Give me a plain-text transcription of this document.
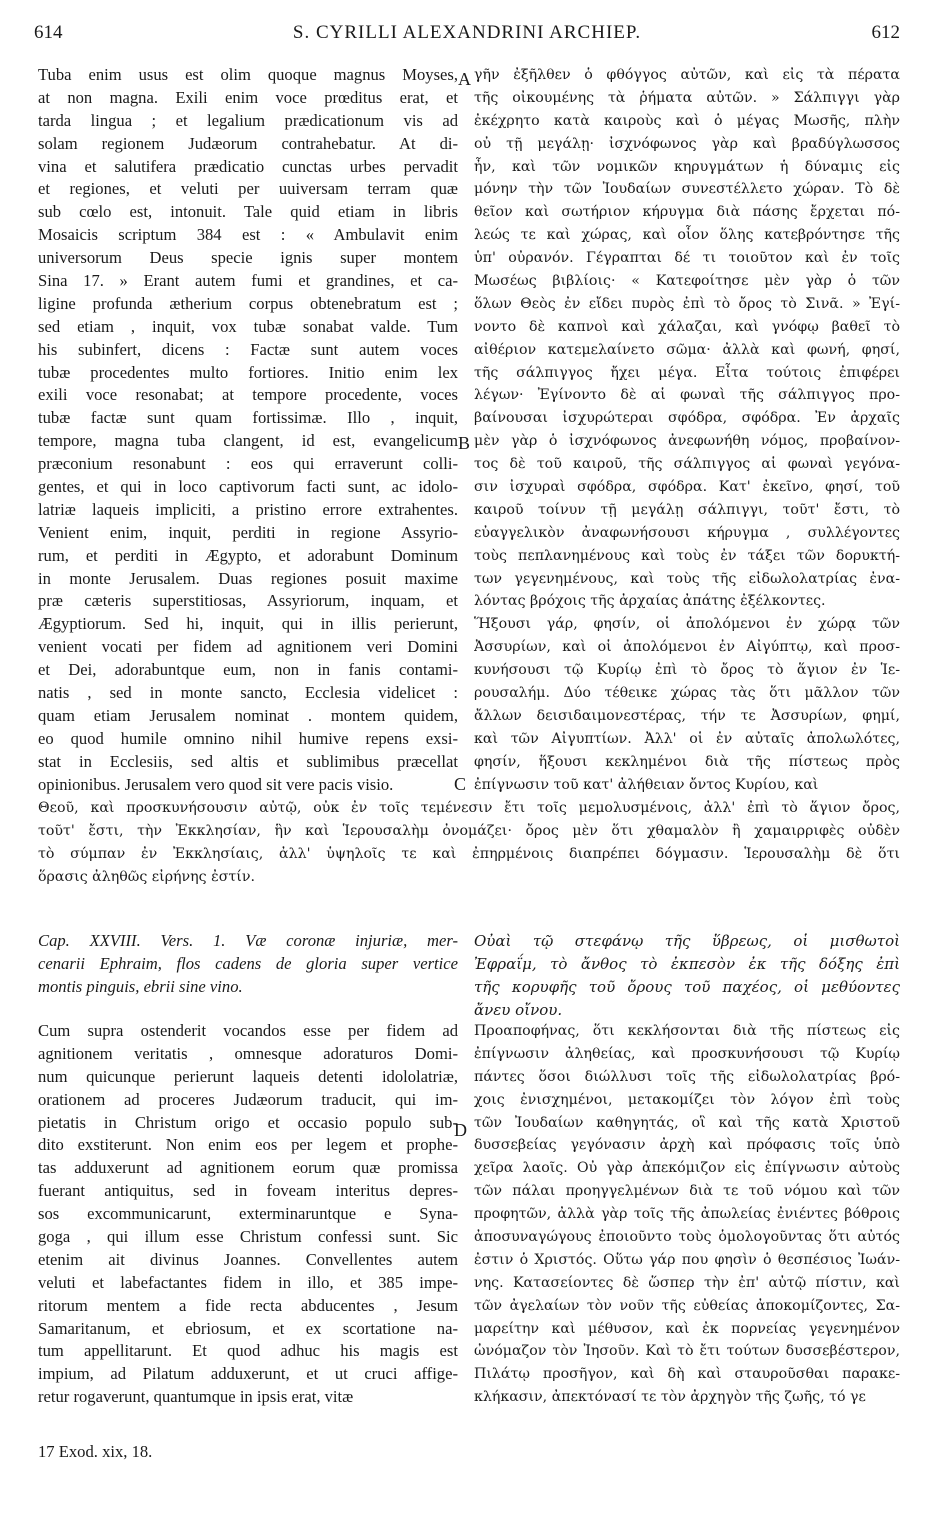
614	S. CYRILLI ALEXANDRINI ARCHIEP.	612
A
B
C
D
Tuba enim usus est olim quoque magnus Moyses,
at non magna. Exili enim voce prœditus erat, et
tarda lingua ; et legalium prædicationum vis ad
solam regionem Judæorum contrahebatur. At di-
vina et salutifera prædicatio cunctas urbes pervadit
et regiones, et veluti per uuiversam terram quæ
sub cœlo est, intonuit. Tale quid etiam in libris
Mosaicis scriptum 384 est : « Ambulavit enim
universorum Deus specie ignis super montem
Sina 17. » Erant autem fumi et grandines, et ca-
ligine profunda ætherium corpus obtenebratum est ;
sed etiam , inquit, vox tubæ sonabat valde. Tum
his subinfert, dicens : Factæ sunt autem voces
tubæ procedentes multo fortiores. Initio enim lex
exili voce resonabat; at tempore procedente, voces
tubæ factæ sunt quam fortissimæ. Illo , inquit,
tempore, magna tuba clangent, id est, evangelicum
præconium resonabunt : eos qui erraverunt colli-
gentes, et qui in loco captivorum facti sunt, ac idolo-
latriæ laqueis impliciti, a pristino errore extrahentes.
Venient enim, inquit, perditi in regione Assyrio-
rum, et perditi in Ægypto, et adorabunt Dominum
in monte Jerusalem. Duas regiones posuit maxime
præ cæteris superstitiosas, Assyriorum, inquam, et
Ægyptiorum. Sed hi, inquit, qui in illis perierunt,
venient vocati per fidem ad agnitionem veri Domini
et Dei, adorabuntque eum, non in fanis contami-
natis , sed in monte sancto, Ecclesia videlicet :
quam etiam Jerusalem nominat . montem quidem,
eo quod humile omnino nihil humive repens exsi-
stat in Ecclesiis, sed altis et sublimibus præcellat
opinionibus. Jerusalem vero quod sit vere pacis visio.
γῆν ἐξῆλθεν ὁ φθόγγος αὐτῶν, καὶ εἰς τὰ πέρατα
τῆς οἰκουμένης τὰ ῥήματα αὐτῶν. » Σάλπιγγι γὰρ
ἐκέχρητο κατὰ καιροὺς καὶ ὁ μέγας Μωσῆς, πλὴν
οὐ τῇ μεγάλῃ· ἰσχνόφωνος γὰρ καὶ βραδύγλωσσος
ἦν, καὶ τῶν νομικῶν κηρυγμάτων ἡ δύναμις εἰς
μόνην τὴν τῶν Ἰουδαίων συνεστέλλετο χώραν. Τὸ δὲ
θεῖον καὶ σωτήριον κήρυγμα διὰ πάσης ἔρχεται πό-
λεώς τε καὶ χώρας, καὶ οἷον ὅλης κατεβρόντησε τῆς
ὑπ' οὐρανόν. Γέγραπται δέ τι τοιοῦτον καὶ ἐν τοῖς
Μωσέως βιβλίοις· « Κατεφοίτησε μὲν γὰρ ὁ τῶν
ὅλων Θεὸς ἐν εἴδει πυρὸς ἐπὶ τὸ ὄρος τὸ Σινᾶ. » Ἐγί-
νοντο δὲ καπνοὶ καὶ χάλαζαι, καὶ γνόφῳ βαθεῖ τὸ
αἰθέριον κατεμελαίνετο σῶμα· ἀλλὰ καὶ φωνή, φησί,
τῆς σάλπιγγος ἤχει μέγα. Εἶτα τούτοις ἐπιφέρει
λέγων· Ἐγίνοντο δὲ αἱ φωναὶ τῆς σάλπιγγος προ-
βαίνουσαι ἰσχυρώτεραι σφόδρα, σφόδρα. Ἐν ἀρχαῖς
μὲν γὰρ ὁ ἰσχνόφωνος ἀνεφωνήθη νόμος, προβαίνον-
τος δὲ τοῦ καιροῦ, τῆς σάλπιγγος αἱ φωναὶ γεγόνα-
σιν ἰσχυραὶ σφόδρα, σφόδρα. Κατ' ἐκεῖνο, φησί, τοῦ
καιροῦ τοίνυν τῇ μεγάλῃ σάλπιγγι, τοῦτ' ἔστι, τὸ
εὐαγγελικὸν ἀναφωνήσουσι κήρυγμα , συλλέγοντες
τοὺς πεπλανημένους καὶ τοὺς ἐν τάξει τῶν δορυκτή-
των γεγενημένους, καὶ τοὺς τῆς εἰδωλολατρίας ἐνα-
λόντας βρόχοις τῆς ἀρχαίας ἀπάτης ἐξέλκοντες.
Ἥξουσι γάρ, φησίν, οἱ ἀπολόμενοι ἐν χώρᾳ τῶν
Ἀσσυρίων, καὶ οἱ ἀπολόμενοι ἐν Αἰγύπτῳ, καὶ προσ-
κυνήσουσι τῷ Κυρίῳ ἐπὶ τὸ ὄρος τὸ ἅγιον ἐν Ἱε-
ρουσαλήμ. Δύο τέθεικε χώρας τὰς ὅτι μᾶλλον τῶν
ἄλλων δεισιδαιμονεστέρας, τήν τε Ἀσσυρίων, φημί,
καὶ τῶν Αἰγυπτίων. Ἀλλ' οἱ ἐν αὐταῖς ἀπολωλότες,
φησίν, ἥξουσι κεκλημένοι διὰ τῆς πίστεως πρὸς
ἐπίγνωσιν τοῦ κατ' ἀλήθειαν ὄντος Κυρίου, καὶ
Θεοῦ, καὶ προσκυνήσουσιν αὐτῷ, οὐκ ἐν τοῖς τεμένεσιν ἔτι τοῖς μεμολυσμένοις, ἀλλ' ἐπὶ τὸ ἅγιον ὄρος,
τοῦτ' ἔστι, τὴν Ἐκκλησίαν, ἣν καὶ Ἱερουσαλὴμ ὀνομάζει· ὄρος μὲν ὅτι χθαμαλὸν ἢ χαμαιρριφὲς οὐδὲν
τὸ σύμπαν ἐν Ἐκκλησίαις, ἀλλ' ὑψηλοῖς τε καὶ ἐπηρμένοις διαπρέπει δόγμασιν. Ἱερουσαλὴμ δὲ ὅτι
ὅρασις ἀληθῶς εἰρήνης ἐστίν.
Cap. XXVIII. Vers. 1. Væ coronæ injuriæ, mer-
cenarii Ephraim, flos cadens de gloria super vertice
montis pinguis, ebrii sine vino.
Οὐαὶ τῷ στεφάνῳ τῆς ὕβρεως, οἱ μισθωτοὶ
Ἐφραΐμ, τὸ ἄνθος τὸ ἐκπεσὸν ἐκ τῆς δόξης ἐπὶ
τῆς κορυφῆς τοῦ ὄρους τοῦ παχέος, οἱ μεθύοντες
ἄνευ οἴνου.
Cum supra ostenderit vocandos esse per fidem ad
agnitionem veritatis , omnesque adoraturos Domi-
num quicunque perierunt laqueis detenti idololatriæ,
orationem ad proceres Judæorum traducit, qui im-
pietatis in Christum origo et occasio populo sub-
dito exstiterunt. Non enim eos per legem et prophe-
tas adduxerunt ad agnitionem eorum quæ promissa
fuerant antiquitus, sed in foveam interitus depres-
sos excommunicarunt, exterminaruntque e Syna-
goga , qui illum esse Christum confessi sunt. Sic
etenim ait divinus Joannes. Convellentes autem
veluti et labefactantes fidem in illo, et 385 impe-
ritorum mentem a fide recta abducentes , Jesum
Samaritanum, et ebriosum, et ex scortatione na-
tum appellitarunt. Et quod adhuc his magis est
impium, ad Pilatum adduxerunt, et ut cruci affige-
retur rogaverunt, quantumque in ipsis erat, vitæ
Προαποφήνας, ὅτι κεκλήσονται διὰ τῆς πίστεως εἰς
ἐπίγνωσιν ἀληθείας, καὶ προσκυνήσουσι τῷ Κυρίῳ
πάντες ὅσοι διώλλυσι τοῖς τῆς εἰδωλολατρίας βρό-
χοις ἐνισχημένοι, μετακομίζει τὸν λόγον ἐπὶ τοὺς
τῶν Ἰουδαίων καθηγητάς, οἳ καὶ τῆς κατὰ Χριστοῦ
δυσσεβείας γεγόνασιν ἀρχὴ καὶ πρόφασις τοῖς ὑπὸ
χεῖρα λαοῖς. Οὐ γὰρ ἀπεκόμιζον εἰς ἐπίγνωσιν αὐτοὺς
τῶν πάλαι προηγγελμένων διὰ τε τοῦ νόμου καὶ τῶν
προφητῶν, ἀλλὰ γὰρ τοῖς τῆς ἀπωλείας ἐνιέντες βόθροις
ἀποσυναγώγους ἐποιοῦντο τοὺς ὁμολογοῦντας ὅτι αὐτός
ἐστιν ὁ Χριστός. Οὕτω γάρ που φησὶν ὁ θεσπέσιος Ἰωάν-
νης. Κατασείοντες δὲ ὥσπερ τὴν ἐπ' αὐτῷ πίστιν, καὶ
τῶν ἀγελαίων τὸν νοῦν τῆς εὐθείας ἀποκομίζοντες, Σα-
μαρείτην καὶ μέθυσον, καὶ ἐκ πορνείας γεγενημένον
ὠνόμαζον τὸν Ἰησοῦν. Καὶ τὸ ἔτι τούτων δυσσεβέστερον,
Πιλάτῳ προσῆγον, καὶ δὴ καὶ σταυροῦσθαι παρακε-
κλήκασιν, ἀπεκτόνασί τε τὸν ἀρχηγὸν τῆς ζωῆς, τό γε
17 Exod. xix, 18.
